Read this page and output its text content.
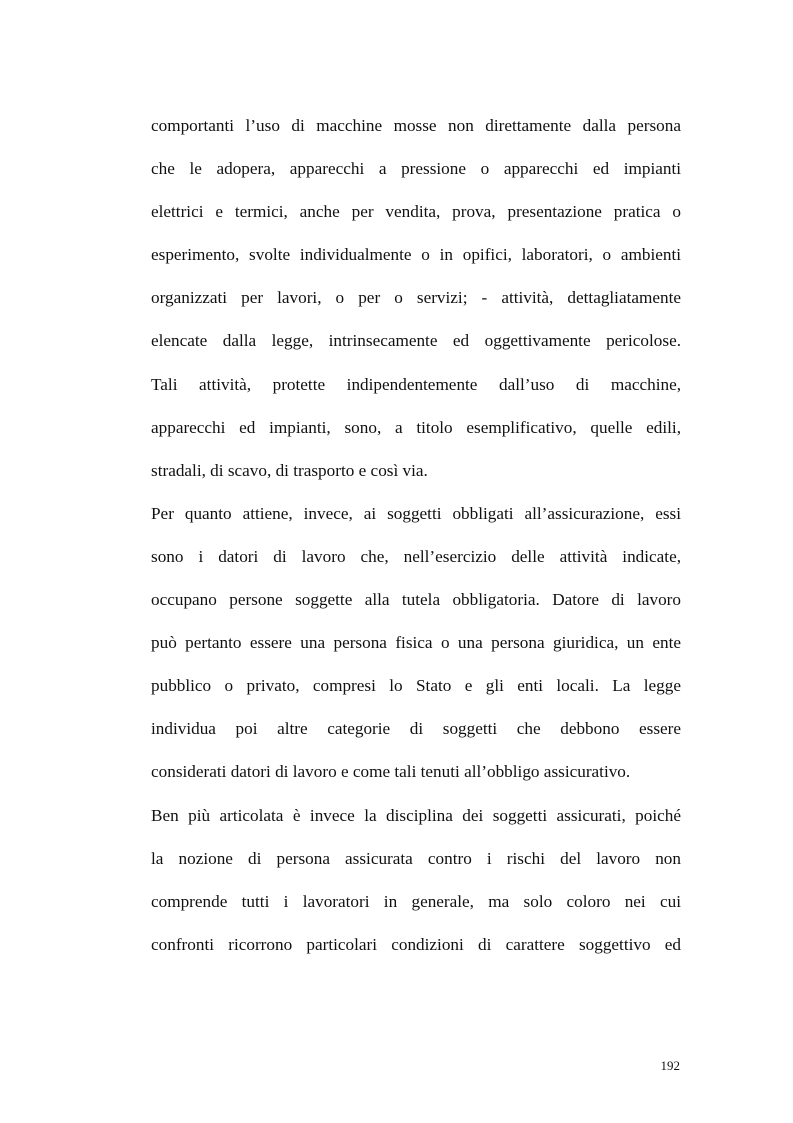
comportanti l’uso di macchine mosse non direttamente dalla persona
che le adopera, apparecchi a pressione o apparecchi ed impianti
elettrici e termici, anche per vendita, prova, presentazione pratica o
esperimento, svolte individualmente o in opifici, laboratori, o ambienti
organizzati per lavori, o per o servizi; - attività, dettagliatamente
elencate dalla legge, intrinsecamente ed oggettivamente pericolose.
Tali attività, protette indipendentemente dall’uso di macchine,
apparecchi ed impianti, sono, a titolo esemplificativo, quelle edili,
stradali, di scavo, di trasporto e così via.
Per quanto attiene, invece, ai soggetti obbligati all’assicurazione, essi
sono i datori di lavoro che, nell’esercizio delle attività indicate,
occupano persone soggette alla tutela obbligatoria. Datore di lavoro
può pertanto essere una persona fisica o una persona giuridica, un ente
pubblico o privato, compresi lo Stato e gli enti locali. La legge
individua poi altre categorie di soggetti che debbono essere
considerati datori di lavoro e come tali tenuti all’obbligo assicurativo.
Ben più articolata è invece la disciplina dei soggetti assicurati, poiché
la nozione di persona assicurata contro i rischi del lavoro non
comprende tutti i lavoratori in generale, ma solo coloro nei cui
confronti ricorrono particolari condizioni di carattere soggettivo ed
192
